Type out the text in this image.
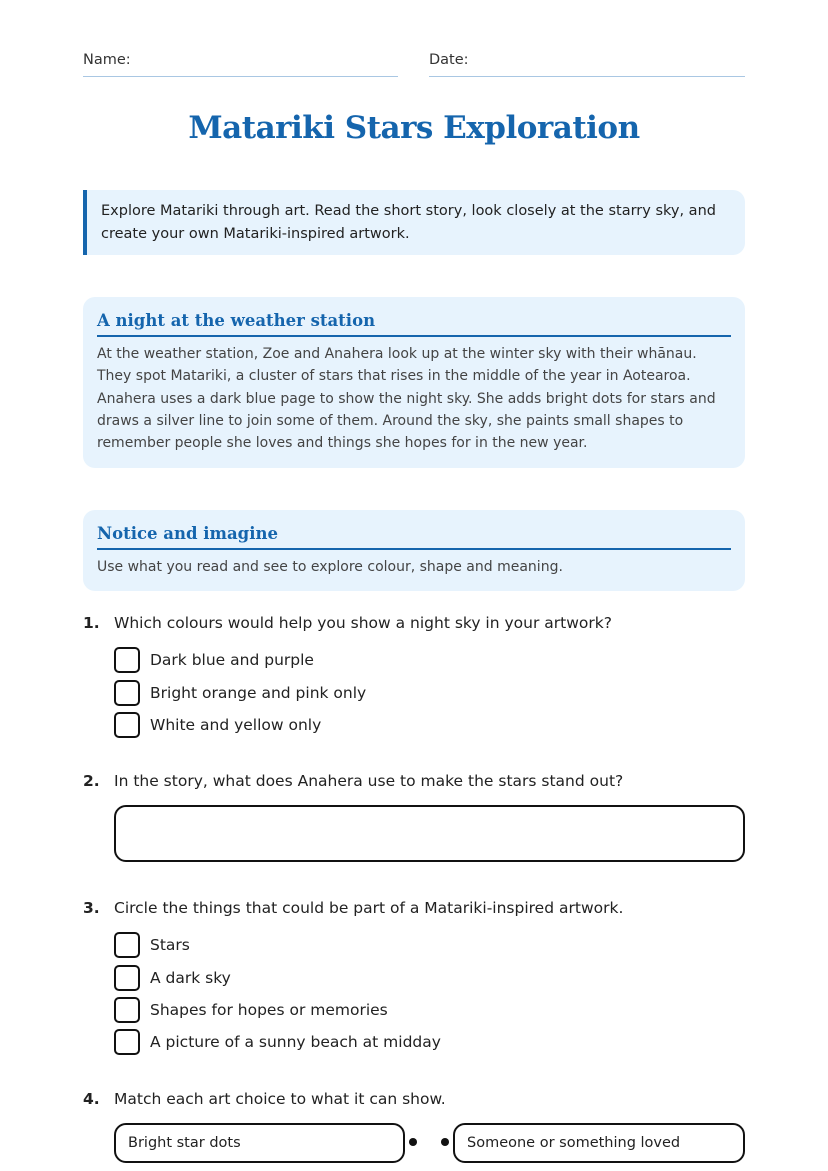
Name:	Date:
Matariki Stars Exploration
Explore Matariki through art. Read the short story, look closely at the starry sky, and create your own Matariki-inspired artwork.
A night at the weather station
At the weather station, Zoe and Anahera look up at the winter sky with their whānau. They spot Matariki, a cluster of stars that rises in the middle of the year in Aotearoa. Anahera uses a dark blue page to show the night sky. She adds bright dots for stars and draws a silver line to join some of them. Around the sky, she paints small shapes to remember people she loves and things she hopes for in the new year.
Notice and imagine
Use what you read and see to explore colour, shape and meaning.
1. Which colours would help you show a night sky in your artwork?
Dark blue and purple
Bright orange and pink only
White and yellow only
2. In the story, what does Anahera use to make the stars stand out?
3. Circle the things that could be part of a Matariki-inspired artwork.
Stars
A dark sky
Shapes for hopes or memories
A picture of a sunny beach at midday
4. Match each art choice to what it can show.
Bright star dots	Someone or something loved
